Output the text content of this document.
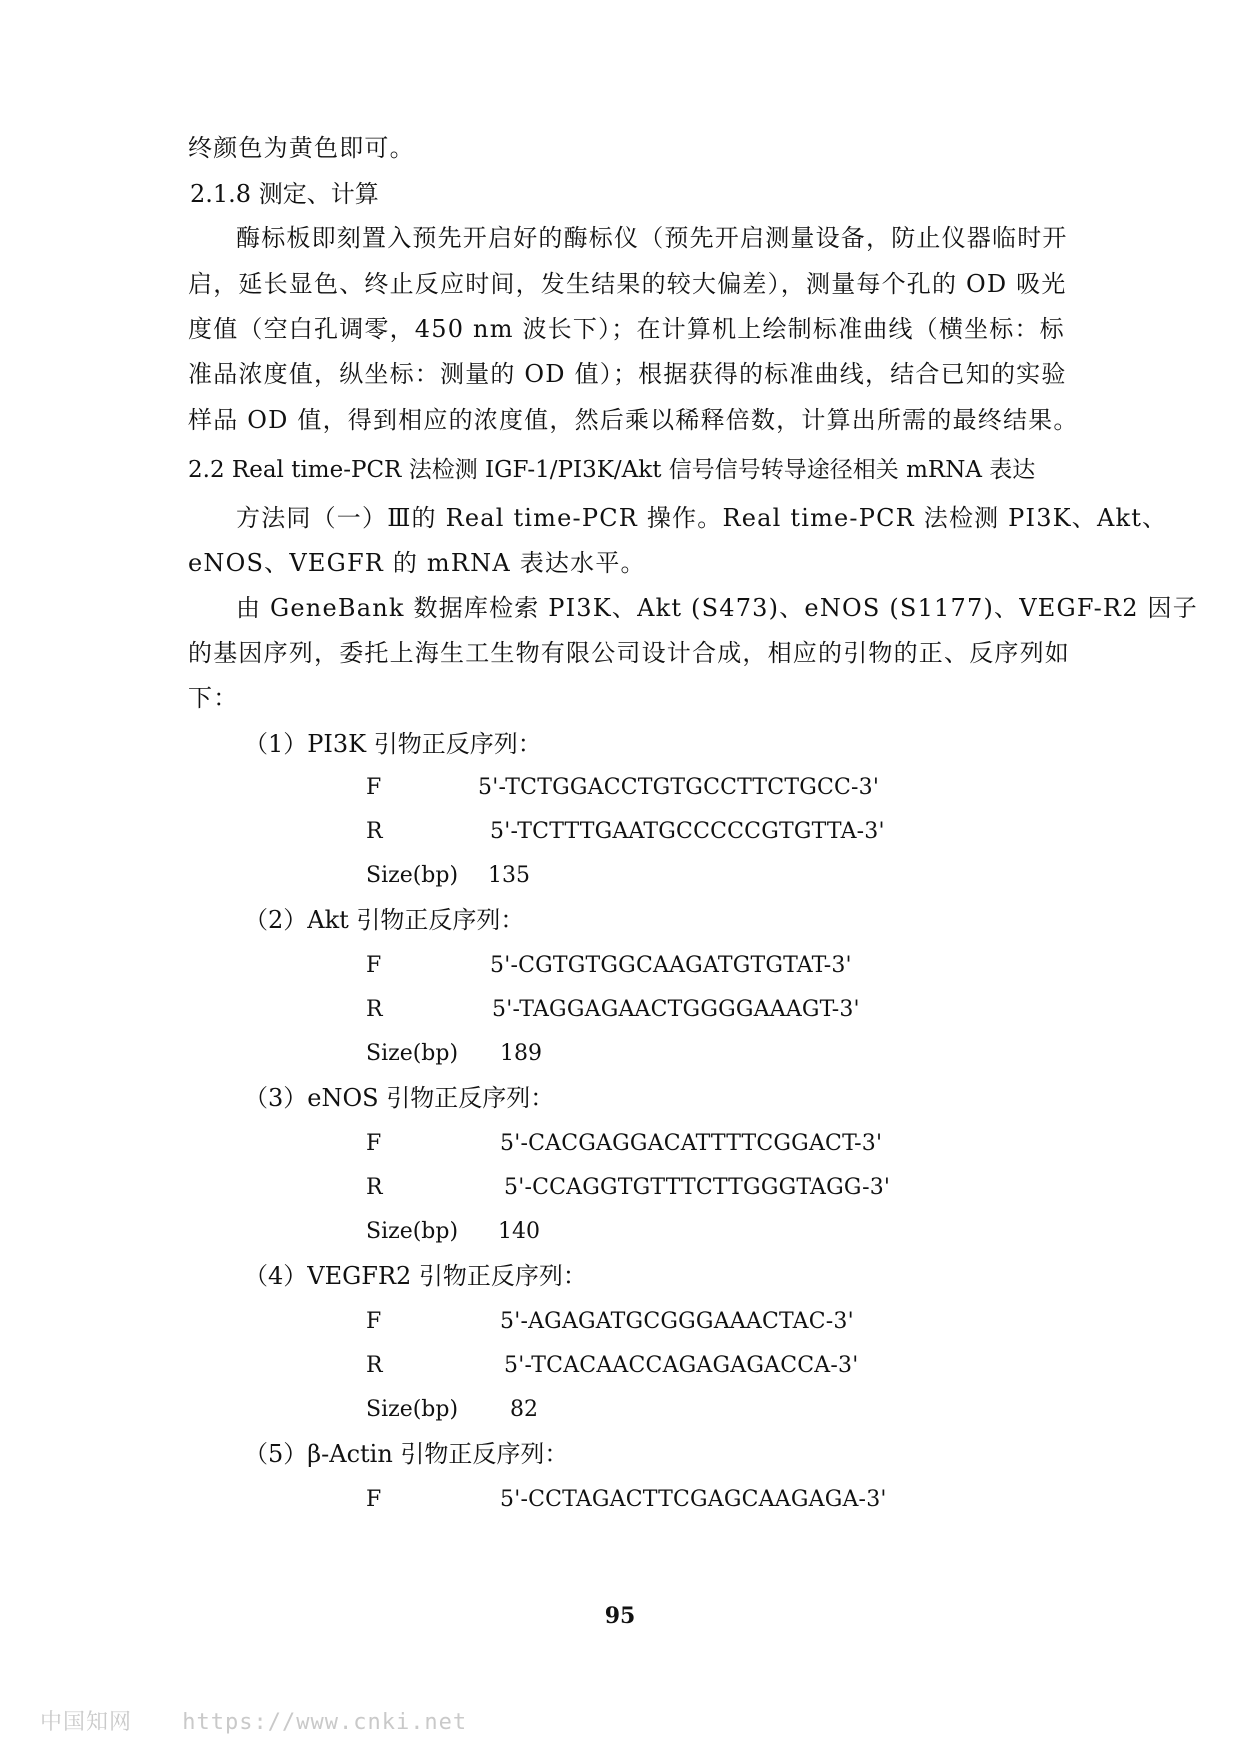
终颜色为黄色即可。
2.1.8 测定、计算
酶标板即刻置入预先开启好的酶标仪（预先开启测量设备，防止仪器临时开
启，延长显色、终止反应时间，发生结果的较大偏差），测量每个孔的 OD 吸光
度值（空白孔调零，450 nm 波长下）；在计算机上绘制标准曲线（横坐标：标
准品浓度值，纵坐标：测量的 OD 值）；根据获得的标准曲线，结合已知的实验
样品 OD 值，得到相应的浓度值，然后乘以稀释倍数，计算出所需的最终结果。
2.2 Real time-PCR 法检测 IGF-1/PI3K/Akt 信号信号转导途径相关 mRNA 表达
方法同（一）Ⅲ的 Real time-PCR 操作。Real time-PCR 法检测 PI3K、Akt、
eNOS、VEGFR 的 mRNA 表达水平。
由 GeneBank 数据库检索 PI3K、Akt (S473)、eNOS (S1177)、VEGF-R2 因子
的基因序列，委托上海生工生物有限公司设计合成，相应的引物的正、反序列如
下：
（1）PI3K 引物正反序列：
F	5'-TCTGGACCTGTGCCTTCTGCC-3'
R	5'-TCTTTGAATGCCCCCGTGTTA-3'
Size(bp) 135
（2）Akt 引物正反序列：
F	5'-CGTGTGGCAAGATGTGTAT-3'
R	5'-TAGGAGAACTGGGGAAAGT-3'
Size(bp) 189
（3）eNOS 引物正反序列：
F	5'-CACGAGGACATTTTCGGACT-3'
R	5'-CCAGGTGTTTCTTGGGTAGG-3'
Size(bp) 140
（4）VEGFR2 引物正反序列：
F	5'-AGAGATGCGGGAAACTAC-3'
R	5'-TCACAACCAGAGAGACCA-3'
Size(bp) 82
（5）β-Actin 引物正反序列：
F	5'-CCTAGACTTCGAGCAAGAGA-3'
95
中国知网 https://www.cnki.net
